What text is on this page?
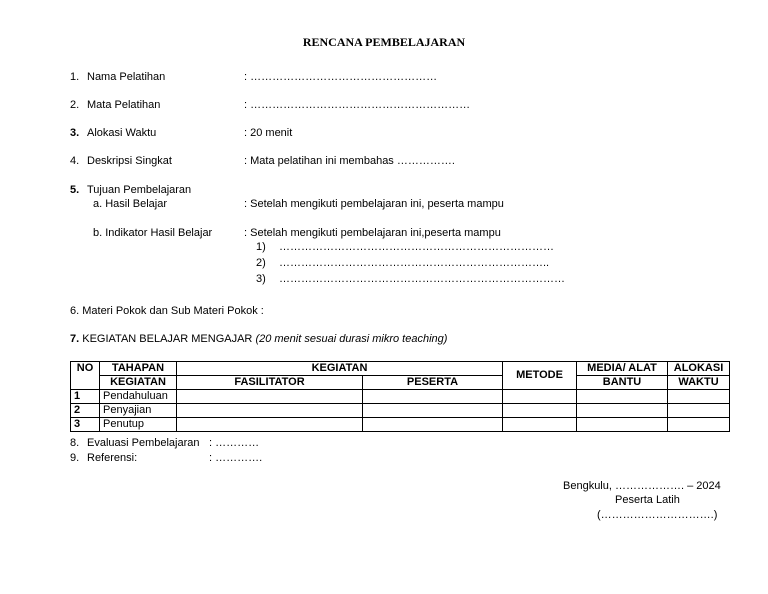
RENCANA PEMBELAJARAN
1. Nama Pelatihan	: ……………………………………………
2. Mata Pelatihan	: ……………………………………………………
3. Alokasi Waktu	: 20 menit
4. Deskripsi Singkat	: Mata pelatihan ini membahas …………….
5. Tujuan Pembelajaran
a. Hasil Belajar	: Setelah mengikuti pembelajaran ini, peserta mampu
b. Indikator Hasil Belajar	: Setelah mengikuti pembelajaran ini,peserta mampu
1) …………………………………………………………………
2) ………………………………………………………………..
3) ……………………………………………………………………
6. Materi Pokok dan Sub Materi Pokok :
7. KEGIATAN BELAJAR MENGAJAR (20 menit sesuai durasi mikro teaching)
NO	TAHAPAN	KEGIATAN		METODE	MEDIA/ ALAT	ALOKASI
	KEGIATAN	FASILITATOR	PESERTA		BANTU	WAKTU
1	Pendahuluan					
2	Penyajian					
3	Penutup					
8. Evaluasi Pembelajaran : …………
9. Referensi:	: ………….
Bengkulu, ………………. – 2024
Peserta Latih
(………………………….)
